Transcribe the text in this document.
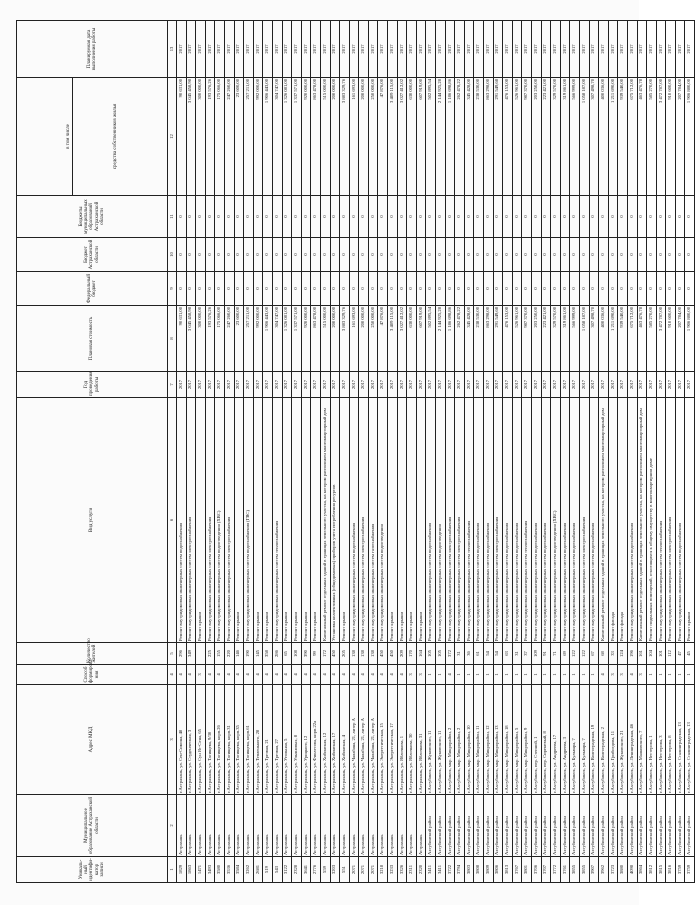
Уникаль-ный идентифи-катор записи	Муниципальное образование Астраханской области	Адрес МКД	Способ формирова-ния	Количество жителей	Вид услуги	Год проведения работы	Плановая стоимость	Федеральный бюджет	Бюджет Астраханской области	Бюджеты муниципальных образований Астраханской области	в том числе средства собственников жилья	Планируемая дата выполнения работы
1	2	3	4	5	6	7	8	9	10	11	12	13
1829	Астрахань	г.Астрахань, ул. Сен-Симона, 48	4	296	Ремонт внутридомовых инженерных систем водоснабжения	2017	90 631,00	0	0	0	90 631,00	2017
1863	Астрахань	г.Астрахань, ул. Студенческая, 3	4	349	Ремонт внутридомовых инженерных систем электроснабжения	2017	3 045 458,98	0	0	0	3 045 458,98	2017
1471	Астрахань	г.Астрахань, ул. Сун Ят-Сена, 65	3		Ремонт крыши	2017	300 000,00	0	0	0	300 000,00	2017
3493	Астрахань	г.Астрахань, ул. Татищева, 9/30	4	225	Ремонт внутридомовых инженерных систем электроснабжения	2017	193 576,26	0	0	0	193 576,26	2017
3580	Астрахань	г.Астрахань, ул. Татищева, корп.26	4	155	Ремонт внутридомовых инженерных систем водоотведения (XBC)	2017	175 066,00	0	0	0	175 066,00	2017
3536	Астрахань	г.Астрахань, ул. Татищева, корп.31	4	220	Ремонт внутридомовых инженерных систем электроснабжения	2017	247 260,00	0	0	0	247 260,00	2017
3584	Астрахань	г.Астрахань, ул. Татищева, корп.35	4	146	Ремонт крыши	2017	23 600,00	0	0	0	23 600,00	2017
3262	Астрахань	г.Астрахань, ул. Татищева, корп.61	4	190	Ремонт внутридомовых инженерных систем водоснабжения (ГВС)	2017	257 211,00	0	0	0	257 211,00	2017
2681	Астрахань	г.Астрахань, ул. Тепленького, 28	4	145	Ремонт крыши	2017	992 000,00	0	0	0	992 000,00	2017
519	Астрахань	г.Астрахань, ул. Трезвая, 21	4	358	Ремонт крыши	2017	1 906 443,00	0	0	0	1 906 443,00	2017
543	Астрахань	г.Астрахань, ул. Трезвая, 27	4	286	Ремонт внутридомовых инженерных систем теплоснабжения	2017	304 747,00	0	0	0	304 747,00	2017
3122	Астрахань	г.Астрахань, ул. Угольная, 5	4	65	Ремонт крыши	2017	1 326 081,00	0	0	0	1 326 081,00	2017
2328	Астрахань	г.Астрахань, ул. Ульяновых, 8	4	108	Ремонт крыши	2017	1 337 571,00	0	0	0	1 337 571,00	2017
3641	Астрахань	г.Астрахань, ул. Урицкого, 12	4	390	Ремонт крыши	2017	920 000,00	0	0	0	920 000,00	2017
2776	Астрахань	г.Астрахань, ул. Фиолетова, корп.22а	4	99	Ремонт крыши	2017	863 478,00	0	0	0	863 478,00	2017
559	Астрахань	г.Астрахань, ул. Хибинская, 12	4	172	Капитальный ремонт отдельных зданий в границах земельного участка, на котором расположен многоквартирный дом	2017	515 000,00	0	0	0	515 000,00	2017
3203	Астрахань	г.Астрахань, ул. Хибинская, 17	4	450	Установка коллективных (общедомовых) приборов учета потребления ресурсов	2017	200 000,00	0	0	0	200 000,00	2017
551	Астрахань	г.Астрахань, ул. Хибинская, 4	4	205	Ремонт крыши	2017	3 883 329,76	0	0	0	3 883 329,76	2017
2071	Астрахань	г.Астрахань, ул. Чалабяна, 21, литер А	4	138	Ремонт внутридомовых инженерных систем водоснабжения	2017	161 693,00	0	0	0	161 693,00	2017
2071	Астрахань	г.Астрахань, ул. Чалабяна, 21, литер А	4	138	Ремонт внутридомовых инженерных систем электроснабжения	2017	200 000,00	0	0	0	200 000,00	2017
2071	Астрахань	г.Астрахань, ул. Чалабяна, 21, литер А	4	138	Ремонт внутридомовых инженерных систем газоснабжения	2017	250 000,00	0	0	0	250 000,00	2017
3218	Астрахань	г.Астрахань, ул. Энергетическая, 15	4	450	Ремонт внутридомовых инженерных систем водоотведения	2017	47 876,00	0	0	0	47 876,00	2017
3233	Астрахань	г.Астрахань, ул. Энергетическая, 17	4	450	Ремонт крыши	2017	3 409 115,00	0	0	0	3 409 115,00	2017
3326	Астрахань	г.Астрахань, ул. Яблочкова, 1	4	209	Ремонт крыши	2017	3 027 412,02	0	0	0	3 027 412,02	2017
2311	Астрахань	г.Астрахань, ул. Яблочкова, 30	3	170	Ремонт крыши	2017	630 000,00	0	0	0	630 000,00	2017
2320	Астрахань	г.Астрахань, ул. Яблочкова, 31	3	164	Ремонт крыши	2017	607 919,00	0	0	0	607 919,00	2017
3411	Ахтубинский район	г.Ахтубинск, ул. Жуковского, 11	1	105	Ремонт внутридомовых инженерных систем водоснабжения	2017	502 895,54	0	0	0	502 895,54	2017
3411	Ахтубинский район	г.Ахтубинск, ул. Жуковского, 11	1	105	Ремонт внутридомовых инженерных систем водоотведения	2017	2 144 925,28	0	0	0	2 144 925,28	2017
3722	Ахтубинский район	г.Ахтубинск, мкр. Микрорайон, 2	4	372	Ремонт внутридомовых инженерных систем электроснабжения	2017	1 186 698,86	0	0	0	1 186 698,86	2017
3794	Ахтубинский район	г.Ахтубинск, мкр. Микрорайон, 2	1	31	Ремонт внутридомовых инженерных систем электроснабжения	2017	262 478,22	0	0	0	262 478,22	2017
3803	Ахтубинский район	г.Ахтубинск, мкр. Микрорайон, 10	1	36	Ремонт внутридомовых инженерных систем теплоснабжения	2017	345 428,00	0	0	0	345 428,00	2017
3808	Ахтубинский район	г.Ахтубинск, мкр. Микрорайон, 11	1	61	Ремонт внутридомовых инженерных систем водоснабжения	2017	238 530,00	0	0	0	238 530,00	2017
3809	Ахтубинский район	г.Ахтубинск, мкр. Микрорайон, 12	1	54	Ремонт внутридомовых инженерных систем водоснабжения	2017	863 298,00	0	0	0	863 298,00	2017
3806	Ахтубинский район	г.Ахтубинск, мкр. Микрорайон, 13	1	54	Ремонт внутридомовых инженерных систем электроснабжения	2017	291 549,68	0	0	0	291 549,68	2017
3813	Ахтубинский район	г.Ахтубинск, мкр. Микрорайон, 18	1	63	Ремонт внутридомовых инженерных систем водоснабжения	2017	476 153,00	0	0	0	476 153,00	2017
3767	Ахтубинский район	г.Ахтубинск, мкр. Микрорайон, 5	1	31	Ремонт внутридомовых инженерных систем водоснабжения	2017	526 961,00	0	0	0	526 961,00	2017
3801	Ахтубинский район	г.Ахтубинск, мкр. Микрорайон, 9	1	37	Ремонт внутридомовых инженерных систем теплоснабжения	2017	987 370,00	0	0	0	987 370,00	2017
3706	Ахтубинский район	г.Ахтубинск, пер. Степной, 1	1	109	Ремонт внутридомовых инженерных систем водоснабжения	2017	203 250,00	0	0	0	203 250,00	2017
3707	Ахтубинский район	г.Ахтубинск, пер. Сиреневый, 8	1	91	Ремонт внутридомовых инженерных систем водоснабжения	2017	223 421,00	0	0	0	223 421,00	2017
3772	Ахтубинский район	г.Ахтубинск, ул. Андреева, 17	1	71	Ремонт внутридомовых инженерных систем водоотведения (XBC)	2017	329 570,00	0	0	0	329 570,00	2017
3761	Ахтубинский район	г.Ахтубинск, ул. Андреева, 3	1	69	Ремонт внутридомовых инженерных систем водоснабжения	2017	319 861,00	0	0	0	319 861,00	2017
3855	Ахтубинский район	г.Ахтубинск, ул. Бульвара, 7	1	122	Ремонт внутридомовых инженерных систем водоснабжения	2017	566 999,00	0	0	0	566 999,00	2017
3855	Ахтубинский район	г.Ахтубинск, ул. Бульвара, 7	1	122	Ремонт внутридомовых инженерных систем электроснабжения	2017	1 058 187,00	0	0	0	1 058 187,00	2017
3907	Ахтубинский район	г.Ахтубинск, ул. Волгоградская, 19	1	67	Ремонт внутридомовых инженерных систем водоснабжения	2017	307 498,70	0	0	0	307 498,70	2017
3962	Ахтубинский район	г.Ахтубинск, ул. Волгоградская, 2	4	68	Капитальный ремонт отдельных зданий в границах земельного участка, на котором расположен многоквартирный дом	2017	400 036,00	0	0	0	400 036,00	2017
3723	Ахтубинский район	г.Ахтубинск, ул. Грибоедова, 11	3	33	Ремонт фасада	2017	1 211 690,00	0	0	0	1 211 690,00	2017
3880	Ахтубинский район	г.Ахтубинск, ул. Жуковского, 21	3	124	Ремонт фасада	2017	939 540,00	0	0	0	939 540,00	2017
4098	Ахтубинский район	г.Ахтубинск, ул. Ленинградская, 46	4	196	Ремонт внутридомовых инженерных систем водоснабжения	2017	675 712,00	0	0	0	675 712,00	2017
3864	Ахтубинский район	г.Ахтубинск, ул. Маяковского, 7	3	161	Капитальный ремонт отдельных зданий в границах земельного участка, на котором расположен многоквартирный дом	2017	463 476,78	0	0	0	463 476,78	2017
3812	Ахтубинский район	г.Ахтубинск, ул. Нестерова, 1	1	104	Ремонт подвальных помещений, относящихся к общему имуществу в многоквартирном доме	2017	585 270,00	0	0	0	585 270,00	2017
3815	Ахтубинский район	г.Ахтубинск, ул. Нестерова, 3	1	101	Ремонт внутридомовых инженерных систем теплоснабжения	2017	3 472 787,00	0	0	0	3 472 787,00	2017
3816	Ахтубинский район	г.Ахтубинск, ул. Нестерова, 8	1	112	Ремонт внутридомовых инженерных систем электроснабжения	2017	910 600,00	0	0	0	910 600,00	2017
3759	Ахтубинский район	г.Ахтубинск, ул. Сталинградская, 13	1	47	Ремонт внутридомовых инженерных систем водоснабжения	2017	207 784,00	0	0	0	207 784,00	2017
3759	Ахтубинский район	г.Ахтубинск, ул. Сталинградская, 13	1	45	Ремонт крыши	2017	1 906 880,00	0	0	0	1 906 880,00	2017
